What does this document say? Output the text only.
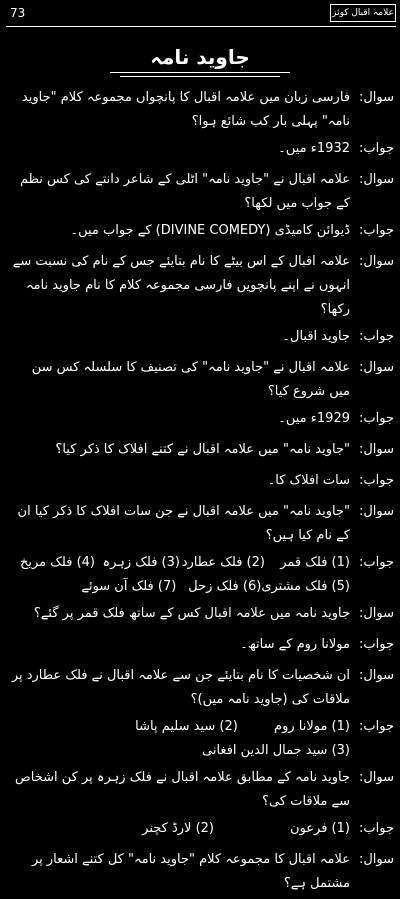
73	علامہ اقبال کوئز
جاوید نامہ
سوال:
فارسی زبان میں علامہ اقبال کا پانچواں مجموعہ کلام "جاوید نامہ" پہلی بار کب شائع ہوا؟
جواب:
1932ء میں۔
سوال:
علامہ اقبال نے "جاوید نامہ" اٹلی کے شاعر دانتے کی کس نظم کے جواب میں لکھا؟
جواب:
ڈیوائن کامیڈی (DIVINE COMEDY) کے جواب میں۔
سوال:
علامہ اقبال کے اس بیٹے کا نام بتایئے جس کے نام کی نسبت سے انہوں نے اپنے پانچویں فارسی مجموعہ کلام کا نام جاوید نامہ رکھا؟
جواب:
جاوید اقبال۔
سوال:
علامہ اقبال نے "جاوید نامہ" کی تصنیف کا سلسلہ کس سن میں شروع کیا؟
جواب:
1929ء میں۔
سوال:
"جاوید نامہ" میں علامہ اقبال نے کتنے افلاک کا ذکر کیا؟
جواب:
سات افلاک کا۔
سوال:
"جاوید نامہ" میں علامہ اقبال نے جن سات افلاک کا ذکر کیا ان کے نام کیا ہیں؟
جواب:
(1) فلک قمر
(2) فلک عطارد
(3) فلک زہرہ
(4) فلک مریخ
(5) فلک مشتری
(6) فلک زحل
(7) فلک آن سوئے
سوال:
جاوید نامہ میں علامہ اقبال کس کے ساتھ فلک قمر پر گئے؟
جواب:
مولانا روم کے ساتھ۔
سوال:
ان شخصیات کا نام بتایئے جن سے علامہ اقبال نے فلک عطارد پر ملاقات کی (جاوید نامہ میں)؟
جواب:
(1) مولانا روم
(2) سید سلیم پاشا
(3) سید جمال الدین افغانی
سوال:
جاوید نامہ کے مطابق علامہ اقبال نے فلک زہرہ پر کن اشخاص سے ملاقات کی؟
جواب:
(1) فرعون
(2) لارڈ کچنر
سوال:
علامہ اقبال کا مجموعہ کلام "جاوید نامہ" کل کتنے اشعار پر مشتمل ہے؟
